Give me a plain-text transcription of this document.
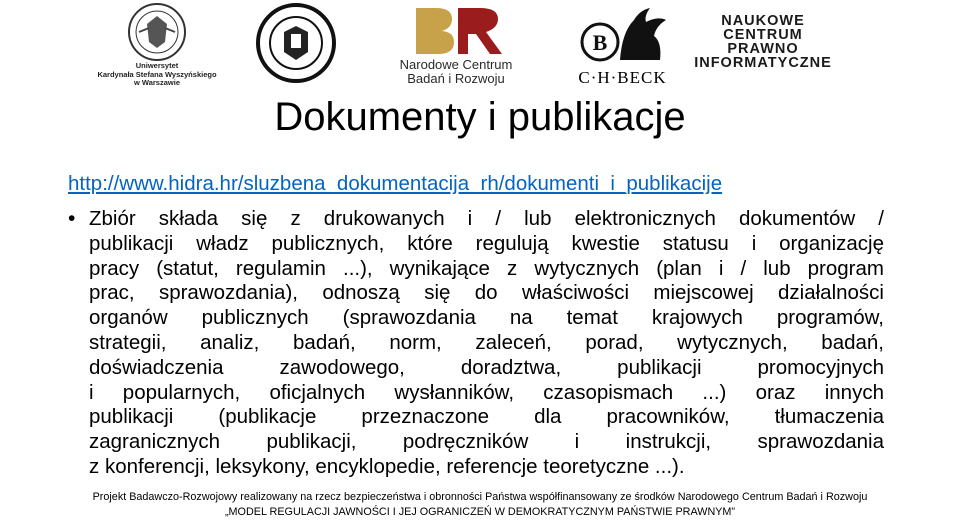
Uniwersytet
Kardynała Stefana Wyszyńskiego
w Warszawie
Narodowe Centrum
Badań i Rozwoju
B
C·H·BECK
NAUKOWE
CENTRUM
PRAWNO
INFORMATYCZNE
Dokumenty i publikacje
http://www.hidra.hr/sluzbena_dokumentacija_rh/dokumenti_i_publikacije
• Zbiór składa się z drukowanych i / lub elektronicznych dokumentów /
publikacji władz publicznych, które regulują kwestie statusu i organizację
pracy (statut, regulamin ...), wynikające z wytycznych (plan i / lub program
prac, sprawozdania), odnoszą się do właściwości miejscowej działalności
organów publicznych (sprawozdania na temat krajowych programów,
strategii, analiz, badań, norm, zaleceń, porad, wytycznych, badań,
doświadczenia zawodowego, doradztwa, publikacji promocyjnych
i popularnych, oficjalnych wysłanników, czasopismach ...) oraz innych
publikacji (publikacje przeznaczone dla pracowników, tłumaczenia
zagranicznych publikacji, podręczników i instrukcji, sprawozdania
z konferencji, leksykony, encyklopedie, referencje teoretyczne ...).
Projekt Badawczo-Rozwojowy realizowany na rzecz bezpieczeństwa i obronności Państwa współfinansowany ze środków Narodowego Centrum Badań i Rozwoju
„MODEL REGULACJI JAWNOŚCI I JEJ OGRANICZEŃ W DEMOKRATYCZNYM PAŃSTWIE PRAWNYM”
